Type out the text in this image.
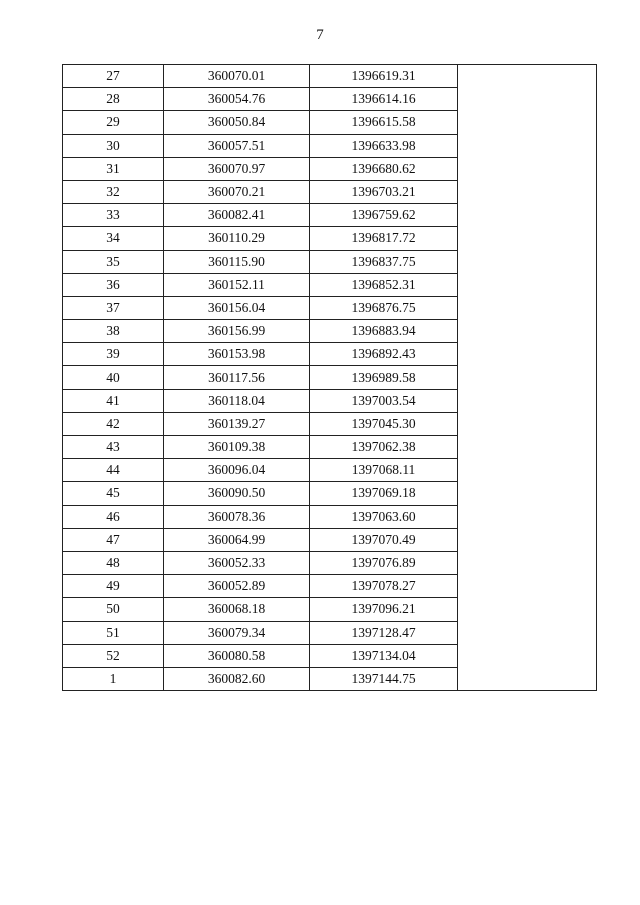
7
27	360070.01	1396619.31	
28	360054.76	1396614.16	
29	360050.84	1396615.58	
30	360057.51	1396633.98	
31	360070.97	1396680.62	
32	360070.21	1396703.21	
33	360082.41	1396759.62	
34	360110.29	1396817.72	
35	360115.90	1396837.75	
36	360152.11	1396852.31	
37	360156.04	1396876.75	
38	360156.99	1396883.94	
39	360153.98	1396892.43	
40	360117.56	1396989.58	
41	360118.04	1397003.54	
42	360139.27	1397045.30	
43	360109.38	1397062.38	
44	360096.04	1397068.11	
45	360090.50	1397069.18	
46	360078.36	1397063.60	
47	360064.99	1397070.49	
48	360052.33	1397076.89	
49	360052.89	1397078.27	
50	360068.18	1397096.21	
51	360079.34	1397128.47	
52	360080.58	1397134.04	
1	360082.60	1397144.75	
